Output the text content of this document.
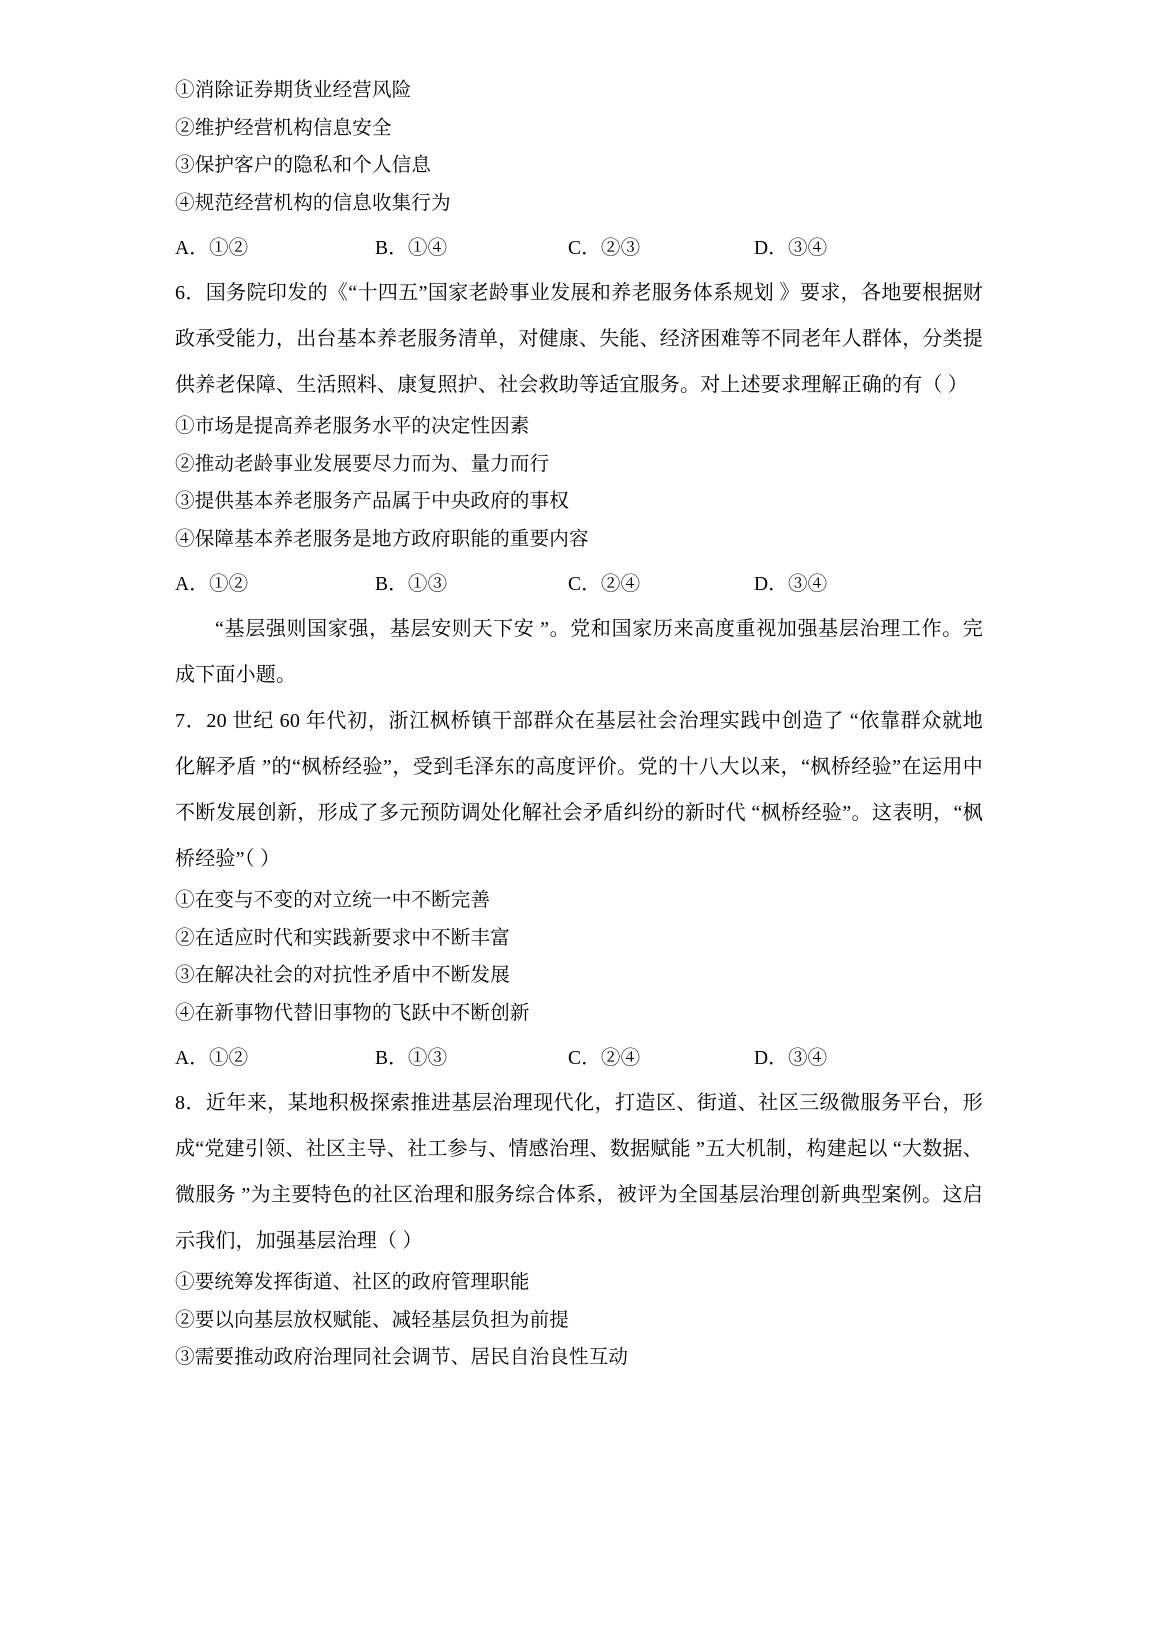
①消除证券期货业经营风险
②维护经营机构信息安全
③保护客户的隐私和个人信息
④规范经营机构的信息收集行为
A．①②	B．①④	C．②③	D．③④
6．国务院印发的《“十四五”国家老龄事业发展和养老服务体系规划 》要求，各地要根据财政承受能力，出台基本养老服务清单，对健康、失能、经济困难等不同老年人群体，分类提供养老保障、生活照料、康复照护、社会救助等适宜服务。对上述要求理解正确的有（ ）
①市场是提高养老服务水平的决定性因素
②推动老龄事业发展要尽力而为、量力而行
③提供基本养老服务产品属于中央政府的事权
④保障基本养老服务是地方政府职能的重要内容
A．①②	B．①③	C．②④	D．③④
“基层强则国家强，基层安则天下安 ”。党和国家历来高度重视加强基层治理工作。完成下面小题。
7．20 世纪 60 年代初，浙江枫桥镇干部群众在基层社会治理实践中创造了 “依靠群众就地化解矛盾 ”的“枫桥经验”，受到毛泽东的高度评价。党的十八大以来，“枫桥经验”在运用中不断发展创新，形成了多元预防调处化解社会矛盾纠纷的新时代 “枫桥经验”。这表明，“枫桥经验”（ ）
①在变与不变的对立统一中不断完善
②在适应时代和实践新要求中不断丰富
③在解决社会的对抗性矛盾中不断发展
④在新事物代替旧事物的飞跃中不断创新
A．①②	B．①③	C．②④	D．③④
8．近年来，某地积极探索推进基层治理现代化，打造区、街道、社区三级微服务平台，形成“党建引领、社区主导、社工参与、情感治理、数据赋能 ”五大机制，构建起以 “大数据、微服务 ”为主要特色的社区治理和服务综合体系，被评为全国基层治理创新典型案例。这启示我们，加强基层治理（ ）
①要统筹发挥街道、社区的政府管理职能
②要以向基层放权赋能、减轻基层负担为前提
③需要推动政府治理同社会调节、居民自治良性互动
